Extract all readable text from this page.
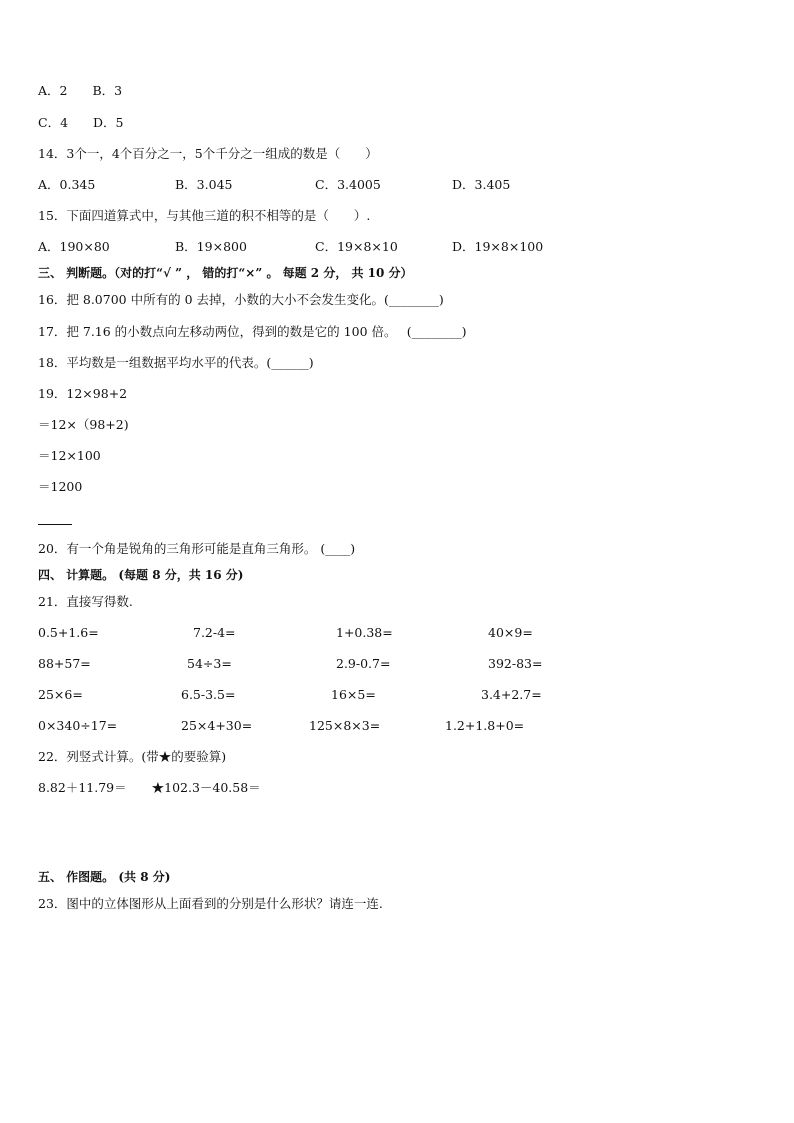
A．2　　B．3
C．4　　D．5
14．3个一，4个百分之一，5个千分之一组成的数是（　　）
A．0.345	B．3.045	C．3.4005	D．3.405
15．下面四道算式中，与其他三道的积不相等的是（　　）.
A．190×80	B．19×800	C．19×8×10	D．19×8×100
三、 判断题。（对的打“√ ” ， 错的打“×” 。 每题 2 分， 共 10 分）
16．把 8.0700 中所有的 0 去掉，小数的大小不会发生变化。(________)
17．把 7.16 的小数点向左移动两位，得到的数是它的 100 倍。　 (________)
18．平均数是一组数据平均水平的代表。(______)
19．12×98+2
＝12×（98+2)
＝12×100
＝1200
20．有一个角是锐角的三角形可能是直角三角形。 (____)
四、 计算题。 (每题 8 分，共 16 分)
21．直接写得数.
0.5+1.6=	7.2-4=	1+0.38=	40×9=
88+57=	54÷3=	2.9-0.7=	392-83=
25×6=	6.5-3.5=	16×5=	3.4+2.7=
0×340÷17=	25×4+30=	125×8×3=	1.2+1.8+0=
22．列竖式计算。(带★的要验算)
8.82＋11.79＝　　★102.3－40.58＝
五、 作图题。 (共 8 分)
23．图中的立体图形从上面看到的分别是什么形状？请连一连.
